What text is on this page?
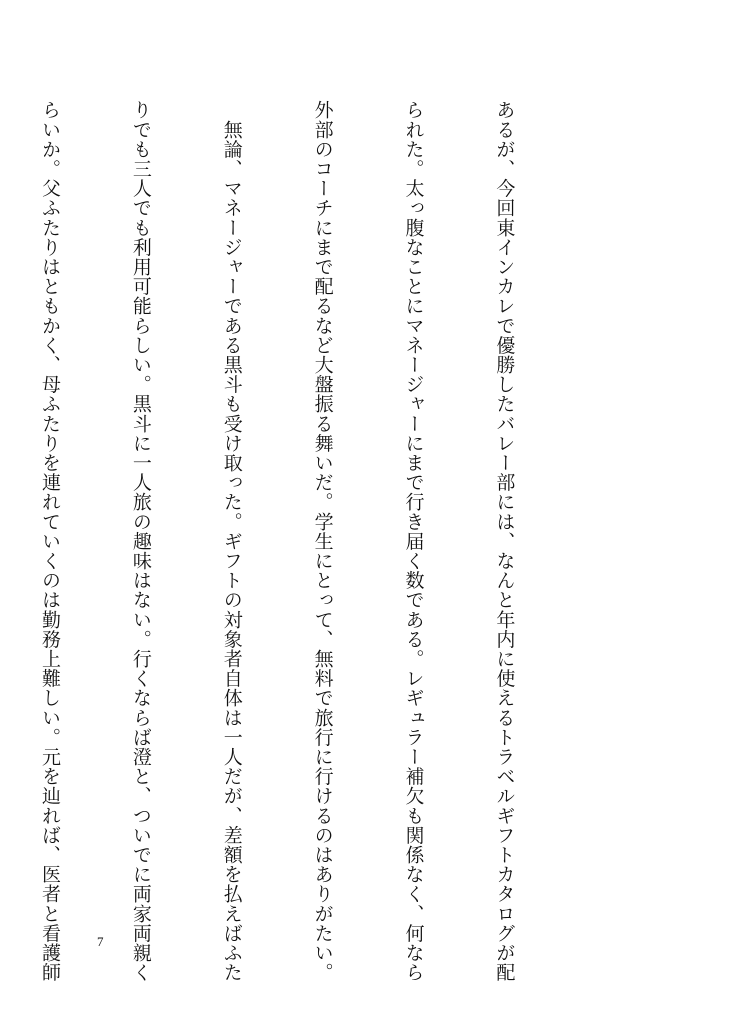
あるが、今回東インカレで優勝したバレー部には、なんと年内に使えるトラベルギフトカタログが配

られた。太っ腹なことにマネージャーにまで行き届く数である。レギュラー補欠も関係なく、何なら

外部のコーチにまで配るなど大盤振る舞いだ。学生にとって、無料で旅行に行けるのはありがたい。

　無論、マネージャーである黒斗も受け取った。ギフトの対象者自体は一人だが、差額を払えばふた

りでも三人でも利用可能らしい。黒斗に一人旅の趣味はない。行くならば澄と、ついでに両家両親く

らいか。父ふたりはともかく、母ふたりを連れていくのは勤務上難しい。元を辿れば、医者と看護師

	7
